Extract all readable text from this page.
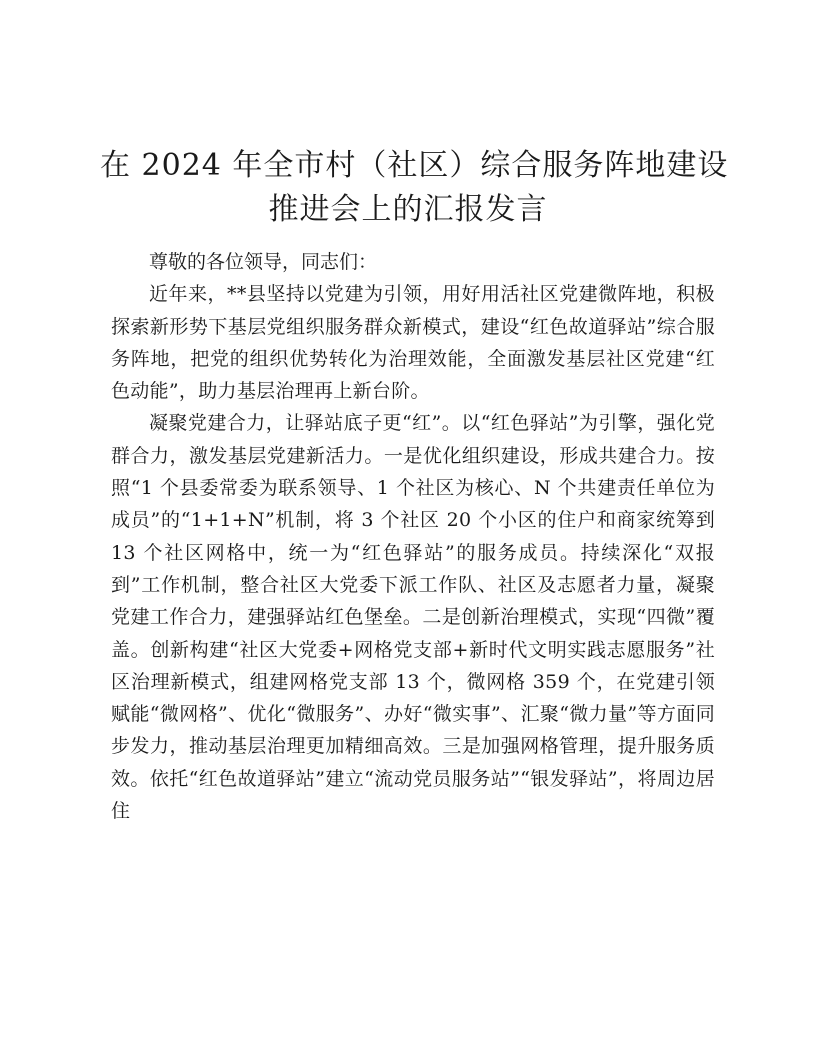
在 2024 年全市村（社区）综合服务阵地建设
推进会上的汇报发言

尊敬的各位领导，同志们：

近年来，**县坚持以党建为引领，用好用活社区党建微阵地，积极探索新形势下基层党组织服务群众新模式，建设“红色故道驿站”综合服务阵地，把党的组织优势转化为治理效能，全面激发基层社区党建“红色动能”，助力基层治理再上新台阶。

凝聚党建合力，让驿站底子更“红”。以“红色驿站”为引擎，强化党群合力，激发基层党建新活力。一是优化组织建设，形成共建合力。按照“1 个县委常委为联系领导、1 个社区为核心、N 个共建责任单位为成员”的“1+1+N”机制，将 3 个社区 20 个小区的住户和商家统筹到 13 个社区网格中，统一为“红色驿站”的服务成员。持续深化“双报到”工作机制，整合社区大党委下派工作队、社区及志愿者力量，凝聚党建工作合力，建强驿站红色堡垒。二是创新治理模式，实现“四微”覆盖。创新构建“社区大党委+网格党支部+新时代文明实践志愿服务”社区治理新模式，组建网格党支部 13 个，微网格 359 个，在党建引领赋能“微网格”、优化“微服务”、办好“微实事”、汇聚“微力量”等方面同步发力，推动基层治理更加精细高效。三是加强网格管理，提升服务质效。依托“红色故道驿站”建立“流动党员服务站”“银发驿站”，将周边居住
